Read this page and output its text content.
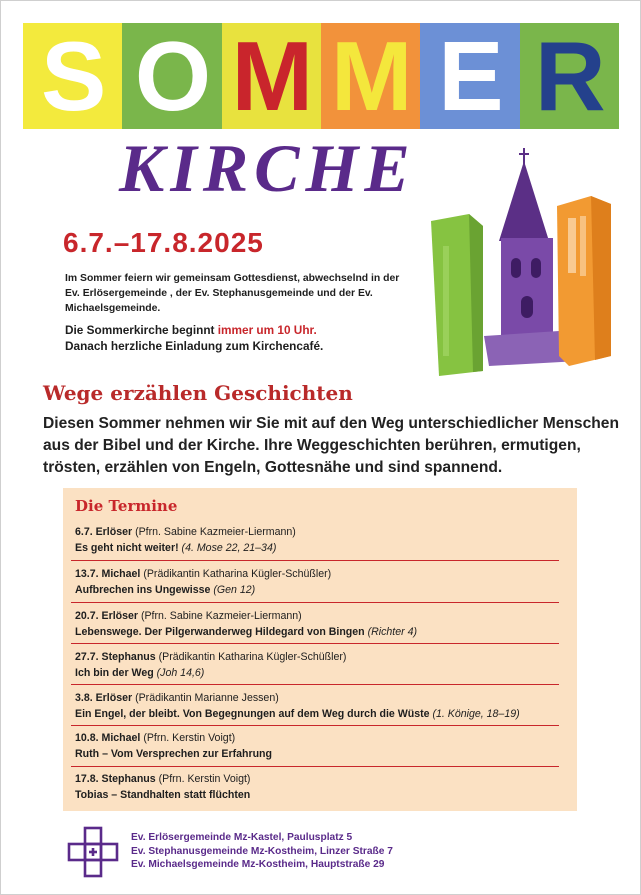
S O M M E R
KIRCHE
6.7.–17.8.2025
Im Sommer feiern wir gemeinsam Gottesdienst, abwechselnd in der Ev. Erlösergemeinde , der Ev. Stephanusgemeinde und der Ev. Michaelsgemeinde.
Die Sommerkirche beginnt immer um 10 Uhr.
Danach herzliche Einladung zum Kirchencafé.
Wege erzählen Geschichten
Diesen Sommer nehmen wir Sie mit auf den Weg unterschiedlicher Menschen aus der Bibel und der Kirche. Ihre Weggeschichten berühren, ermutigen, trösten, erzählen von Engeln, Gottesnähe und sind spannend.
Die Termine
6.7. Erlöser (Pfrn. Sabine Kazmeier-Liermann)
Es geht nicht weiter! (4. Mose 22, 21–34)
13.7. Michael (Prädikantin Katharina Kügler-Schüßler)
Aufbrechen ins Ungewisse (Gen 12)
20.7. Erlöser (Pfrn. Sabine Kazmeier-Liermann)
Lebenswege. Der Pilgerwanderweg Hildegard von Bingen (Richter 4)
27.7. Stephanus (Prädikantin Katharina Kügler-Schüßler)
Ich bin der Weg (Joh 14,6)
3.8. Erlöser (Prädikantin Marianne Jessen)
Ein Engel, der bleibt. Von Begegnungen auf dem Weg durch die Wüste (1. Könige, 18–19)
10.8. Michael (Pfrn. Kerstin Voigt)
Ruth – Vom Versprechen zur Erfahrung
17.8. Stephanus (Pfrn. Kerstin Voigt)
Tobias – Standhalten statt flüchten
Ev. Erlösergemeinde Mz-Kastel, Paulusplatz 5
Ev. Stephanusgemeinde Mz-Kostheim, Linzer Straße 7
Ev. Michaelsgemeinde Mz-Kostheim, Hauptstraße 29
